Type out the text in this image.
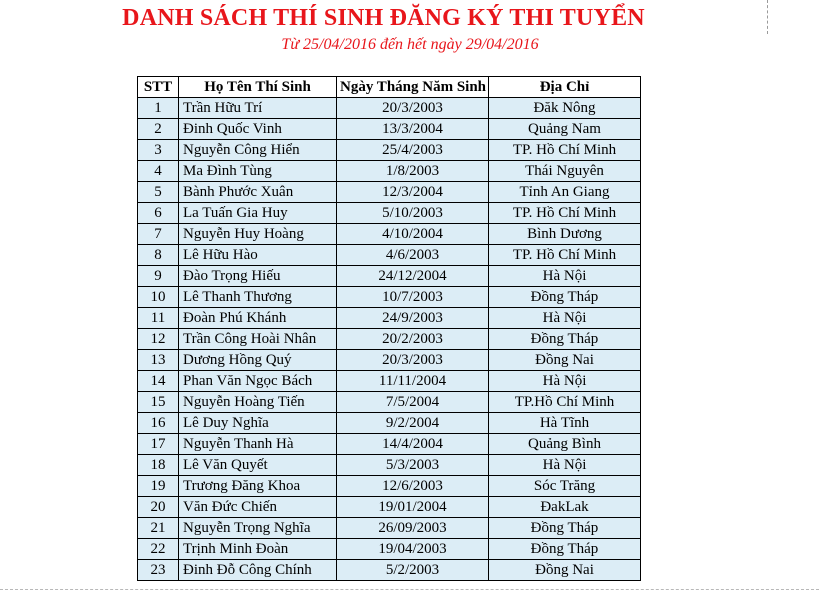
DANH SÁCH THÍ SINH ĐĂNG KÝ THI TUYỂN
Từ 25/04/2016 đến hết ngày 29/04/2016
STT	Họ Tên Thí Sinh	Ngày Tháng Năm Sinh	Địa Chỉ
1	Trần Hữu Trí	20/3/2003	Đăk Nông
2	Đinh Quốc Vinh	13/3/2004	Quảng Nam
3	Nguyễn Công Hiển	25/4/2003	TP. Hồ Chí Minh
4	Ma Đình Tùng	1/8/2003	Thái Nguyên
5	Bành Phước Xuân	12/3/2004	Tỉnh An Giang
6	La Tuấn Gia Huy	5/10/2003	TP. Hồ Chí Minh
7	Nguyễn Huy Hoàng	4/10/2004	Bình Dương
8	Lê Hữu Hào	4/6/2003	TP. Hồ Chí Minh
9	Đào Trọng Hiếu	24/12/2004	Hà Nội
10	Lê Thanh Thương	10/7/2003	Đồng Tháp
11	Đoàn Phú Khánh	24/9/2003	Hà Nội
12	Trần Công Hoài Nhân	20/2/2003	Đồng Tháp
13	Dương Hồng Quý	20/3/2003	Đồng Nai
14	Phan Văn Ngọc Bách	11/11/2004	Hà Nội
15	Nguyễn Hoàng Tiến	7/5/2004	TP.Hồ Chí Minh
16	Lê Duy Nghĩa	9/2/2004	Hà Tĩnh
17	Nguyễn Thanh Hà	14/4/2004	Quảng Bình
18	Lê Văn Quyết	5/3/2003	Hà Nội
19	Trương Đăng Khoa	12/6/2003	Sóc Trăng
20	Văn Đức Chiến	19/01/2004	ĐakLak
21	Nguyễn Trọng Nghĩa	26/09/2003	Đồng Tháp
22	Trịnh Minh Đoàn	19/04/2003	Đồng Tháp
23	Đinh Đỗ Công Chính	5/2/2003	Đồng Nai
